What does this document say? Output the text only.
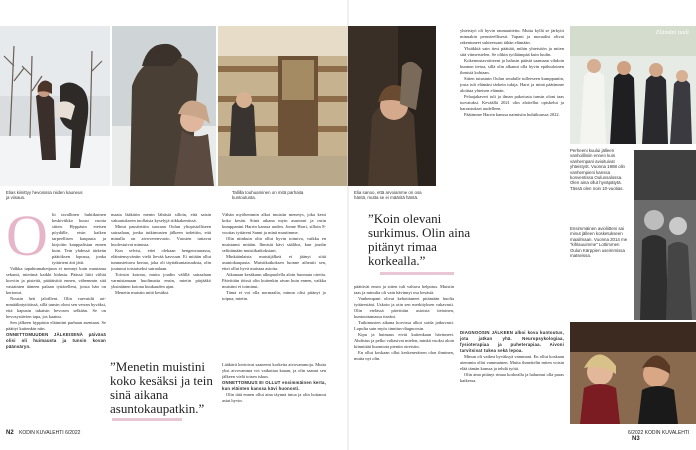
Elias kiinittyy hevosissa niiden kauneus ja viisaus.
Tallilla touhuaminen on mitä parhaita kuntoutusta.
O lit tavallinen huhtikuinen keskiviikko kuusi vuotta sitten. Hyppäsin eteisen pöydälle, etsin kaiken tarpeellisen kaupasta ja kirjoitin kauppalistan ennen kuin. Tein yhdessä tärkeän päätöksen lopussa, jonka tyttärieni äiti jätti.

Valkka tapahtumaketjuun ei mennyt kuin muutama sekunti, mietimä kaikki hidasta. Päässä liitti viiltiä korviin ja pisteitä, pääätisittä ennen, vähemmin sitä vastainten ääneen palaan tyttärelleni, joista hän on kertonut.

Nousin heti jaloilleni. Olin vaevaidit ari-mmäälintyttöässä, sillä tunsin oloni sen verran hyväksi, että kapusin takaisin hevosen selkään. Se on hevosystävien tapa, jos kaatuu.

Sen jälkeen hyppäsin eläimiini parhaan asentaan. Se päättyi kuitenkin niin.

ONNETTOMUUDEN JÄLKEISENÄ päivänä olisi oli huimausta ja tunsin kovan päänsäryn.

maata lääkärin menin lähtisiä silloin, että saisin vakuutukseen tuollaisia kyselyjä riikkakentissä.

Minut passitettiin suoraan Oulun yliopistolliseen sairaalaan, jonka tutkimusten jälkeen todettiin, että minulla on aivoverenvuoto. Vuosien tuttavat huolestuivat minusta.

Kun selvisi, ettei olekaan hengenvaarassa, eläintensyväniin vielä lievää kasvuun. Ei mitään ollut tunnustettava kertaa, joka oli täyttäkuntaisuuksia, olin joutunut toistaiseksi sairaalaan.

Toivuin kotona, mutta joudin välillä sairaalaan varmistamaan huolimatta ensin, mietin pärjääkö yksinäinen kotona kuukauden ajan.

Menetin muistin mitä kesäksi.

”Menetin muistini koko kesäksi ja tein sinä aikana asuntokaupatkin.”

Vähän myöhemmin alkoi muistin menetys, joka kesti koko kesän. Siinä aikana myin asuntoni ja ostin kumppanini Harrin kanssa uuden. Jonne Harri, silloin 8-vuotias tyttäreni Sanni ja minä muutimme.

Olin niinkuin olin ollut hyvin toimiva, vaikka en muistanut mitään. Ihmisiä kävi sääliksi, kun joudin selittämään muistikatkoksiani.

Minkäänlaista muistijälkeä ei jäänyt siitä asuntokaupasta. Muistikatkoksen luonne aiheutti sen, ettei ollut hyvä muistaa asioita.

Aikanaan kesäkuun alkupuolella aloin huomata oireita. Päivittäin töissä olin kuitenkin aivan kuin ennen, vaikka muistini ei toiminut.

Tämä ei voi olla normaalia, minun olisi pitänyt jo toipua, mietin.

Lääkärit kertoivat saaneeni korkeita aivovammoja. Mutta yksi aivovamma voi vaikuttaa kauan, ja olin saanut sen jälkeen vielä toisen iskun.

ONNETTOMUUS EI OLLUT ensimmäinen kerta, kun eläinten kanssa kävi huonosti.

Olin tätä ennen ollut aina täynnä intoa ja olin hoitanut asiat hyvin.

N2 KODIN KUVALEHTI 6/2022
Elia sanoo, että arvoiamme on osa häntä, mutta se ei määritä häntä.
”Koin olevani surkimus. Olin aina pitänyt rimaa korkealla.”

päättivät ensin ja sitten tuli valtava helpotus. Muistin taas ja minulta oli vain hävinnyt osa kesästä.

Vanhempani olivat kehoittaneet pitämään huolta tyttärestäni. Uskoin ja otin sen merkityksen vakavasti. Olin etelässä päivittäin asioista tietoinen, kuntouttamassa itseäni.

Tutkimusten aikana korvissa alkoi soida jatkuvasti. Lopulta sain myös tinnitus-diagnoosin.

Kipu ja huimaus eivät kuitenkaan hävinneet. Ahdistus ja pelko valtasivat mielen, minkä vuoksi aloin kiinnittää huomiota pieniin oireisiin.

En ollut koskaan ollut keskeneräisen olon ihminen, mutta nyt olin.

yhteistyö oli hyvin raumauttettu. Mutta kyllä se järkytti minuakin perusteellisesti. Tapani ja moraalisi olivat rakentuneet suhteessani tähän elämään.

Yhtäkkiä sain tiesi päättää, mihin yhteisöön ja miten sitä viimeistelen. Se olikin työläämpää kuin luulin.

Kokemustavoitteeni ja halusin päästä saamaan vihdoin kunnon tietoa, sillä olin alkanut olla hyvin epäluuloinen ihmisiä kohtaan.

Sitten tutustuin Oulun seudulle tulleeseen kumppaniin, josta tuli elämäni tärkein tukija. Harri ja minä päätimme aloittaa yhteisen elämän.

Pelaajakaveri tuli ja ilman pakotusta tunsin oloni taas turvatuksi. Keväällä 2021 olin aloitellut opiskelut ja harrastukset uudelleen.

Päätimme Harrin kanssa naimisiin huhtikuussa 2022.

DIAGNOOSIN JÄLKEEN alkoi kova kuntoutus, jota jatkan yhä. Neuropsykologiaa, fysioterapiaa ja puheterapiaa. Aivoni tarvitsivat tukea sekä lepoa.

Minun oli vaikea hyväksyä vammani. En ollut koskaan aiemmin ollut vammainen. Mutta ihmettelin miten voisin elää tämän kanssa ja tehdä työtä.

Olin aina pitänyt rimaa korkealla ja halunnut olla paras kaikessa.

Elämäni tuuli
Perheeni kuului jälleen vanhoillisiin ennen kuin vanhempani avioituivat yhteistyöt. Vuonna 1988 olin vanhempieni kanssa konventissa Oulunsalossa. Olen aina ollut hyväpätytä. Tässä olen noin 10-vuotias.
Ensimmäinen avioliitteni sai minut jälleen kosketukseen maailmaan. Vuonna 2014 me "kihlauuimme" Lottimmen Oulun Kärppien useimmissa matseissa.
6/2022 KODIN KUVALEHTI N3
